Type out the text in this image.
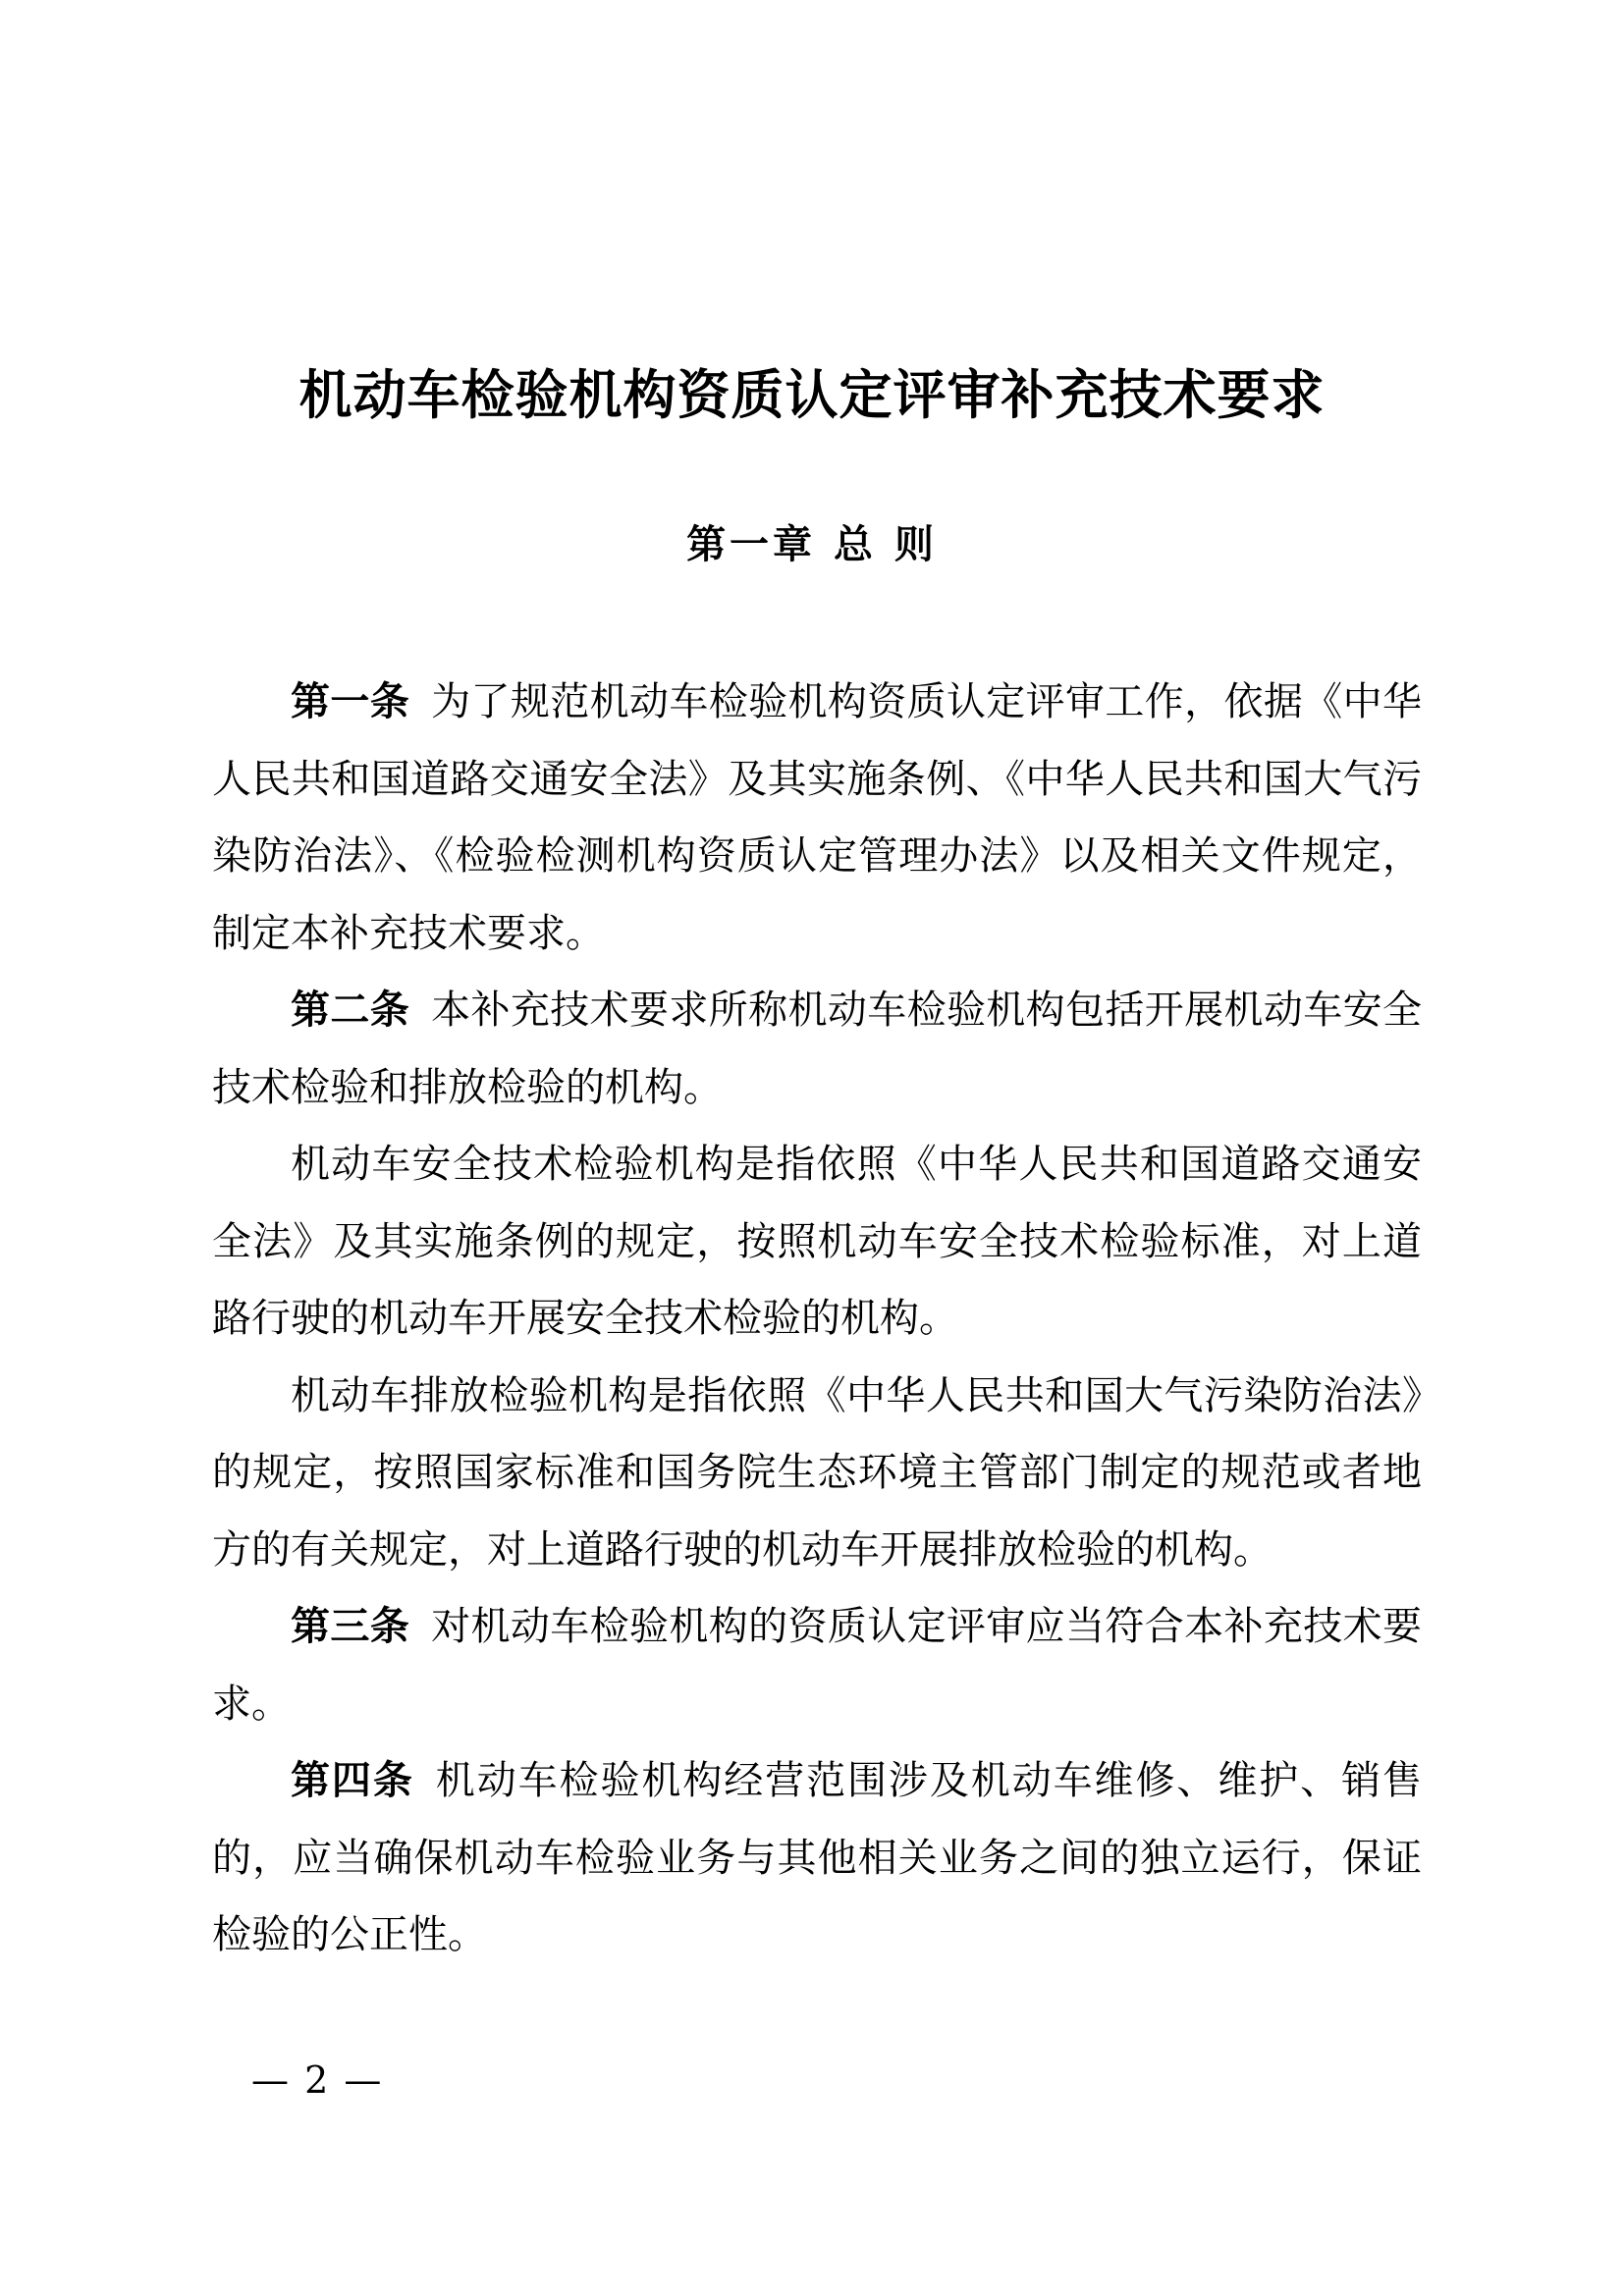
机动车检验机构资质认定评审补充技术要求
第一章 总 则

第一条 为了规范机动车检验机构资质认定评审工作，依据《中华人民共和国道路交通安全法》及其实施条例、《中华人民共和国大气污染防治法》、《检验检测机构资质认定管理办法》以及相关文件规定，制定本补充技术要求。

第二条 本补充技术要求所称机动车检验机构包括开展机动车安全技术检验和排放检验的机构。

机动车安全技术检验机构是指依照《中华人民共和国道路交通安全法》及其实施条例的规定，按照机动车安全技术检验标准，对上道路行驶的机动车开展安全技术检验的机构。

机动车排放检验机构是指依照《中华人民共和国大气污染防治法》的规定，按照国家标准和国务院生态环境主管部门制定的规范或者地方的有关规定，对上道路行驶的机动车开展排放检验的机构。

第三条 对机动车检验机构的资质认定评审应当符合本补充技术要求。

第四条 机动车检验机构经营范围涉及机动车维修、维护、销售的，应当确保机动车检验业务与其他相关业务之间的独立运行，保证检验的公正性。

— 2 —
